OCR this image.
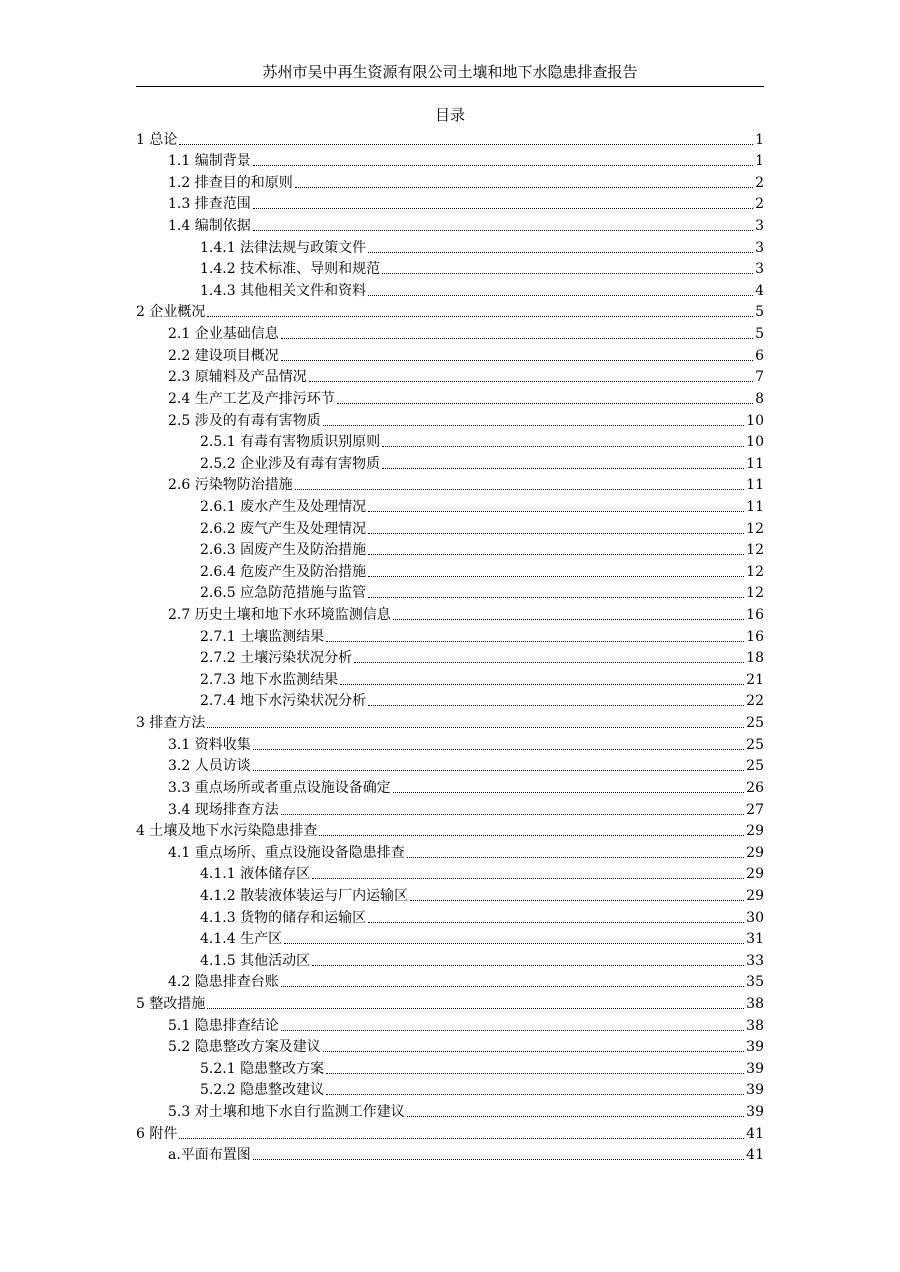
苏州市吴中再生资源有限公司土壤和地下水隐患排查报告
目录
1 总论	1
1.1 编制背景	1
1.2 排查目的和原则	2
1.3 排查范围	2
1.4 编制依据	3
1.4.1 法律法规与政策文件	3
1.4.2 技术标准、导则和规范	3
1.4.3 其他相关文件和资料	4
2 企业概况	5
2.1 企业基础信息	5
2.2 建设项目概况	6
2.3 原辅料及产品情况	7
2.4 生产工艺及产排污环节	8
2.5 涉及的有毒有害物质	10
2.5.1 有毒有害物质识别原则	10
2.5.2 企业涉及有毒有害物质	11
2.6 污染物防治措施	11
2.6.1 废水产生及处理情况	11
2.6.2 废气产生及处理情况	12
2.6.3 固废产生及防治措施	12
2.6.4 危废产生及防治措施	12
2.6.5 应急防范措施与监管	12
2.7 历史土壤和地下水环境监测信息	16
2.7.1 土壤监测结果	16
2.7.2 土壤污染状况分析	18
2.7.3 地下水监测结果	21
2.7.4 地下水污染状况分析	22
3 排查方法	25
3.1 资料收集	25
3.2 人员访谈	25
3.3 重点场所或者重点设施设备确定	26
3.4 现场排查方法	27
4 土壤及地下水污染隐患排查	29
4.1 重点场所、重点设施设备隐患排查	29
4.1.1 液体储存区	29
4.1.2 散装液体装运与厂内运输区	29
4.1.3 货物的储存和运输区	30
4.1.4 生产区	31
4.1.5 其他活动区	33
4.2 隐患排查台账	35
5 整改措施	38
5.1 隐患排查结论	38
5.2 隐患整改方案及建议	39
5.2.1 隐患整改方案	39
5.2.2 隐患整改建议	39
5.3 对土壤和地下水自行监测工作建议	39
6 附件	41
a.平面布置图	41
